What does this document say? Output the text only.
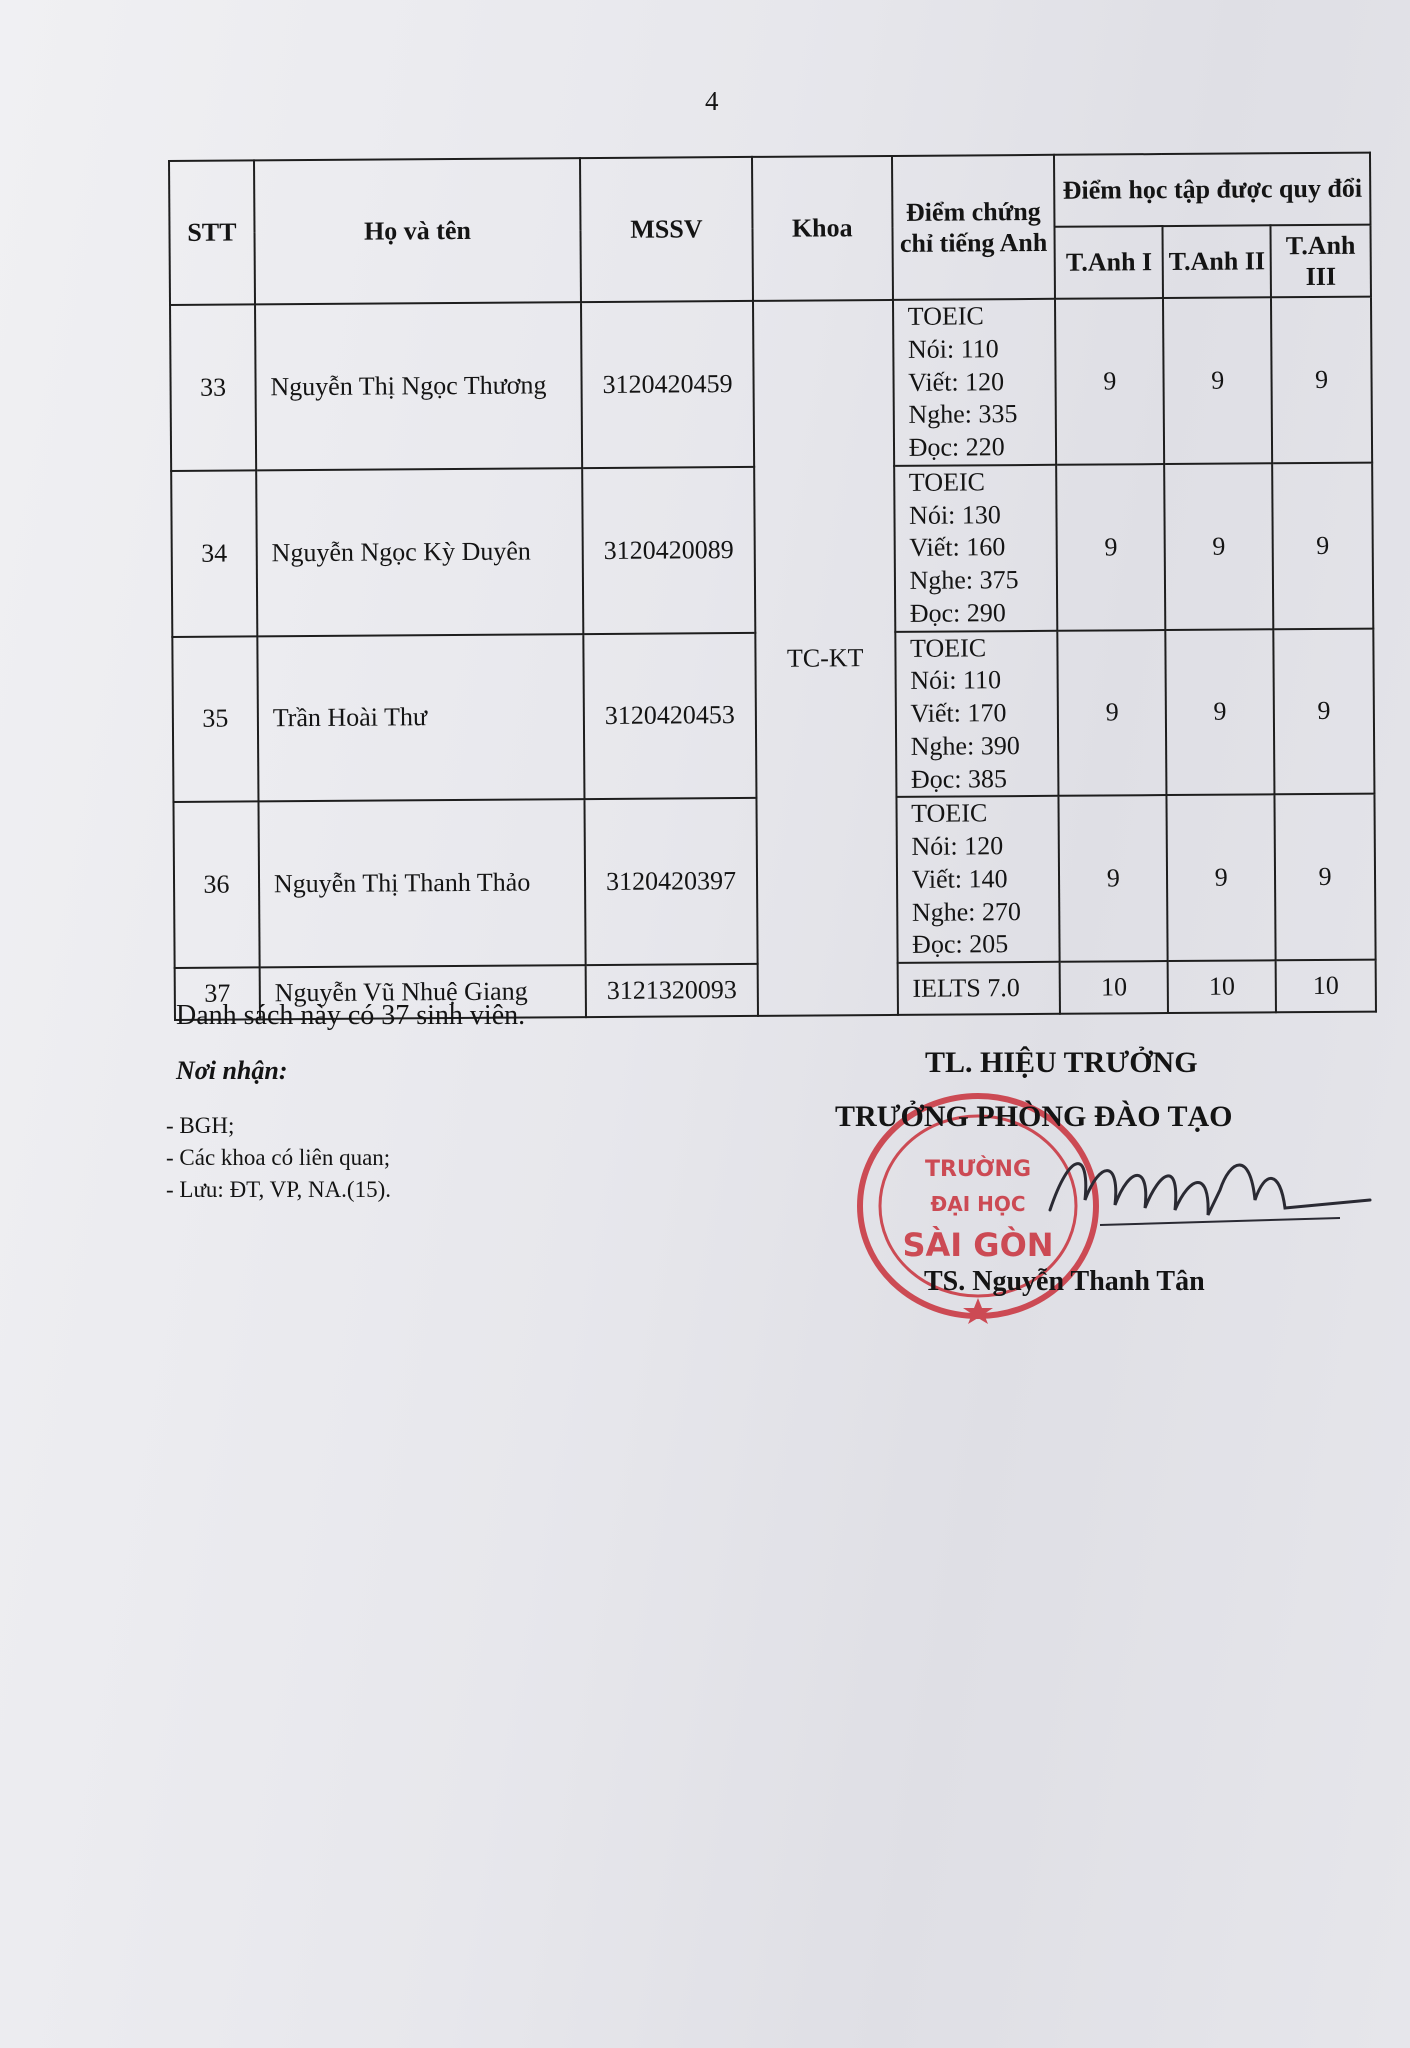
4
STT	Họ và tên	MSSV	Khoa	Điểm chứng chỉ tiếng Anh	Điểm học tập được quy đổi		
					T.Anh I	T.Anh II	T.Anh III
33	Nguyễn Thị Ngọc Thương	3120420459	TC-KT	TOEIC
Nói: 110
Viết: 120
Nghe: 335
Đọc: 220	9	9	9
34	Nguyễn Ngọc Kỳ Duyên	3120420089		TOEIC
Nói: 130
Viết: 160
Nghe: 375
Đọc: 290	9	9	9
35	Trần Hoài Thư	3120420453		TOEIC
Nói: 110
Viết: 170
Nghe: 390
Đọc: 385	9	9	9
36	Nguyễn Thị Thanh Thảo	3120420397		TOEIC
Nói: 120
Viết: 140
Nghe: 270
Đọc: 205	9	9	9
37	Nguyễn Vũ Nhuệ Giang	3121320093		IELTS 7.0	10	10	10
Danh sách này có 37 sinh viên.
Nơi nhận:
- BGH;
- Các khoa có liên quan;
- Lưu: ĐT, VP, NA.(15).
TRƯỜNG
ĐẠI HỌC
SÀI GÒN
TL. HIỆU TRƯỞNG
TRƯỞNG PHÒNG ĐÀO TẠO
TS. Nguyễn Thanh Tân
